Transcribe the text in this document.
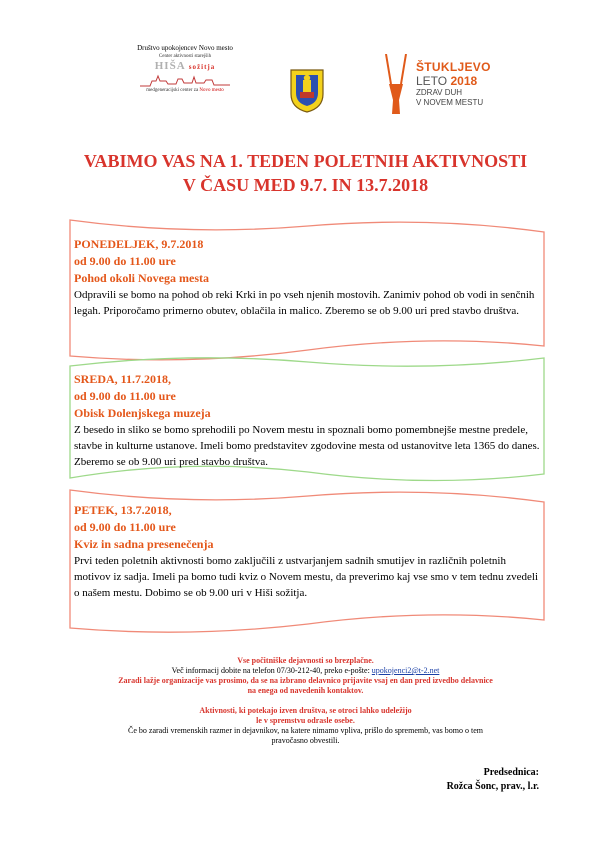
Društvo upokojencev Novo mesto
Center aktivnosti starejših
HIŠA sožitja
medgeneracijski center za Novo mesto
ŠTUKLJEVO
LETO 2018
ZDRAV DUH
V NOVEM MESTU
VABIMO VAS NA 1. TEDEN POLETNIH AKTIVNOSTI
V ČASU MED 9.7. IN 13.7.2018
PONEDELJEK, 9.7.2018
od 9.00 do 11.00 ure
Pohod okoli Novega mesta
Odpravili se bomo na pohod ob reki Krki in po vseh njenih mostovih. Zanimiv pohod ob vodi in senčnih legah. Priporočamo primerno obutev, oblačila in malico. Zberemo se ob 9.00 uri pred stavbo društva.
SREDA, 11.7.2018,
od 9.00 do 11.00 ure
Obisk Dolenjskega muzeja
Z besedo in sliko se bomo sprehodili po Novem mestu in spoznali bomo pomembnejše mestne predele, stavbe in kulturne ustanove. Imeli bomo predstavitev zgodovine mesta od ustanovitve leta 1365 do danes. Zberemo se ob 9.00 uri pred stavbo društva.
PETEK, 13.7.2018,
od 9.00 do 11.00 ure
Kviz in sadna presenečenja
Prvi teden poletnih aktivnosti bomo zaključili z ustvarjanjem sadnih smutijev in različnih poletnih motivov iz sadja. Imeli pa bomo tudi kviz o Novem mestu, da preverimo kaj vse smo v tem tednu zvedeli o našem mestu. Dobimo se ob 9.00 uri v Hiši sožitja.
Vse počitniške dejavnosti so brezplačne.
Več informacij dobite na telefon 07/30-212-40, preko e-pošte: upokojenci2@t-2.net
Zaradi lažje organizacije vas prosimo, da se na izbrano delavnico prijavite vsaj en dan pred izvedbo delavnice
na enega od navedenih kontaktov.
Aktivnosti, ki potekajo izven društva, se otroci lahko udeležijo
le v spremstvu odrasle osebe.
Če bo zaradi vremenskih razmer in dejavnikov, na katere nimamo vpliva, prišlo do sprememb, vas bomo o tem
pravočasno obvestili.
Predsednica:
Rožca Šonc, prav., l.r.
